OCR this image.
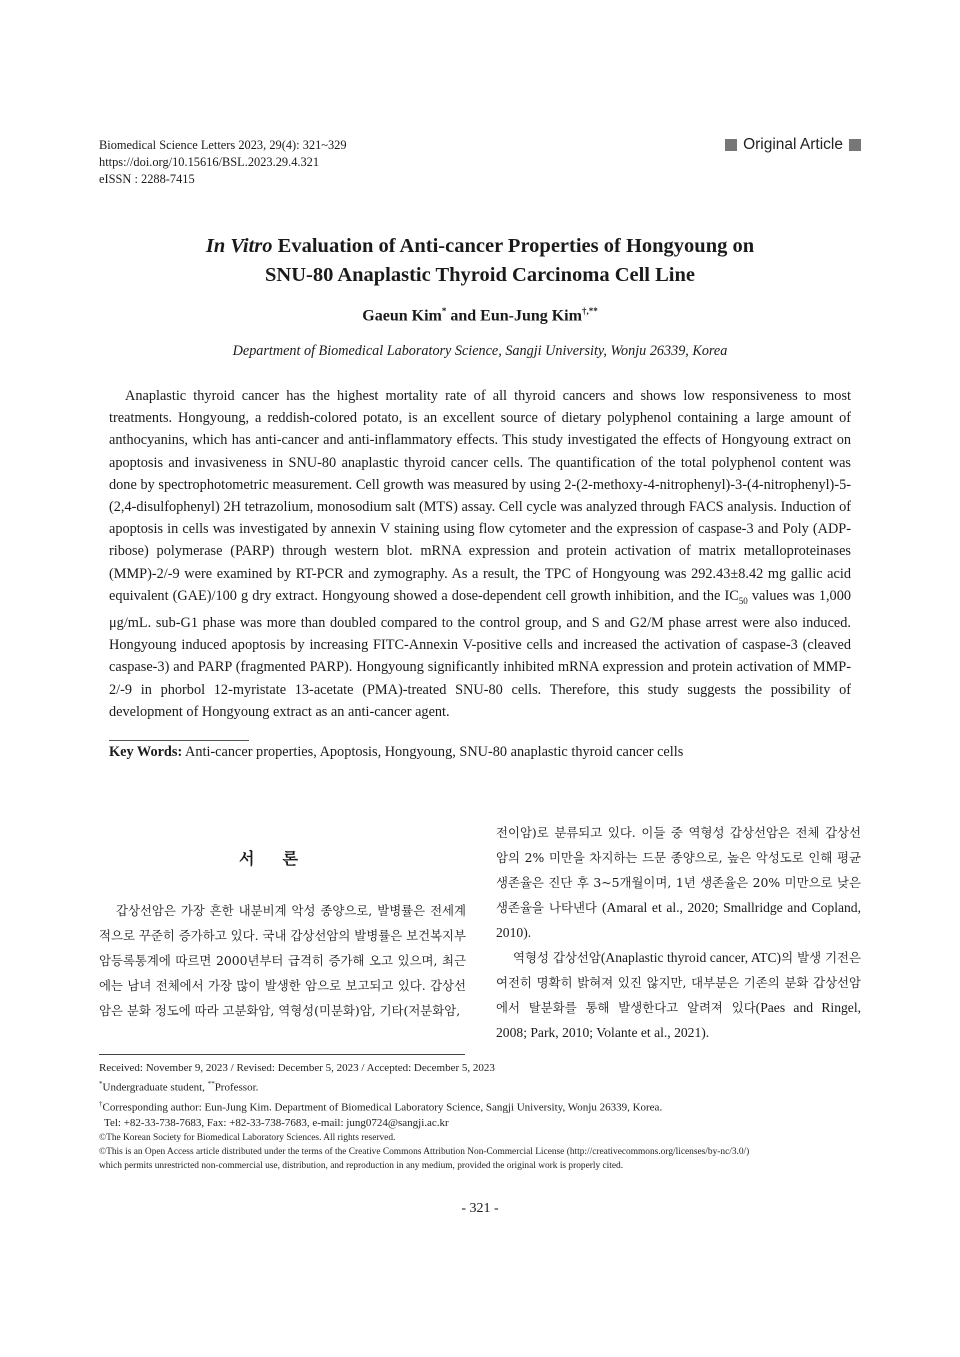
Biomedical Science Letters 2023, 29(4): 321~329
https://doi.org/10.15616/BSL.2023.29.4.321
eISSN : 2288-7415
Original Article
In Vitro Evaluation of Anti-cancer Properties of Hongyoung on
SNU-80 Anaplastic Thyroid Carcinoma Cell Line
Gaeun Kim* and Eun-Jung Kim†,**
Department of Biomedical Laboratory Science, Sangji University, Wonju 26339, Korea
Anaplastic thyroid cancer has the highest mortality rate of all thyroid cancers and shows low responsiveness to most treatments. Hongyoung, a reddish-colored potato, is an excellent source of dietary polyphenol containing a large amount of anthocyanins, which has anti-cancer and anti-inflammatory effects. This study investigated the effects of Hongyoung extract on apoptosis and invasiveness in SNU-80 anaplastic thyroid cancer cells. The quantification of the total polyphenol content was done by spectrophotometric measurement. Cell growth was measured by using 2-(2-methoxy-4-nitrophenyl)-3-(4-nitrophenyl)-5-(2,4-disulfophenyl) 2H tetrazolium, monosodium salt (MTS) assay. Cell cycle was analyzed through FACS analysis. Induction of apoptosis in cells was investigated by annexin V staining using flow cytometer and the expression of caspase-3 and Poly (ADP-ribose) polymerase (PARP) through western blot. mRNA expression and protein activation of matrix metalloproteinases (MMP)-2/-9 were examined by RT-PCR and zymography. As a result, the TPC of Hongyoung was 292.43±8.42 mg gallic acid equivalent (GAE)/100 g dry extract. Hongyoung showed a dose-dependent cell growth inhibition, and the $IC_{50}$ values was 1,000 μg/mL. sub-G1 phase was more than doubled compared to the control group, and S and G2/M phase arrest were also induced. Hongyoung induced apoptosis by increasing FITC-Annexin V-positive cells and increased the activation of caspase-3 (cleaved caspase-3) and PARP (fragmented PARP). Hongyoung significantly inhibited mRNA expression and protein activation of MMP-2/-9 in phorbol 12-myristate 13-acetate (PMA)-treated SNU-80 cells. Therefore, this study suggests the possibility of development of Hongyoung extract as an anti-cancer agent.
Key Words: Anti-cancer properties, Apoptosis, Hongyoung, SNU-80 anaplastic thyroid cancer cells
서론
갑상선암은 가장 흔한 내분비계 악성 종양으로, 발병률은 전세계적으로 꾸준히 증가하고 있다. 국내 갑상선암의 발병률은 보건복지부 암등록통계에 따르면 2000년부터 급격히 증가해 오고 있으며, 최근에는 남녀 전체에서 가장 많이 발생한 암으로 보고되고 있다. 갑상선암은 분화 정도에 따라 고분화암, 역형성(미분화)암, 기타(저분화암,

전이암)로 분류되고 있다. 이들 중 역형성 갑상선암은 전체 갑상선 암의 2% 미만을 차지하는 드문 종양으로, 높은 악성도로 인해 평균 생존율은 진단 후 3~5개월이며, 1년 생존율은 20% 미만으로 낮은 생존율을 나타낸다 (Amaral et al., 2020; Smallridge and Copland, 2010).

역형성 갑상선암(Anaplastic thyroid cancer, ATC)의 발생 기전은 여전히 명확히 밝혀져 있진 않지만, 대부분은 기존의 분화 갑상선암에서 탈분화를 통해 발생한다고 알려져 있다(Paes and Ringel, 2008; Park, 2010; Volante et al., 2021).

Received: November 9, 2023 / Revised: December 5, 2023 / Accepted: December 5, 2023
*Undergraduate student, **Professor.
†Corresponding author: Eun-Jung Kim. Department of Biomedical Laboratory Science, Sangji University, Wonju 26339, Korea.
Tel: +82-33-738-7683, Fax: +82-33-738-7683, e-mail: jung0724@sangji.ac.kr
©The Korean Society for Biomedical Laboratory Sciences. All rights reserved.
©This is an Open Access article distributed under the terms of the Creative Commons Attribution Non-Commercial License (http://creativecommons.org/licenses/by-nc/3.0/)
which permits unrestricted non-commercial use, distribution, and reproduction in any medium, provided the original work is properly cited.
- 321 -
